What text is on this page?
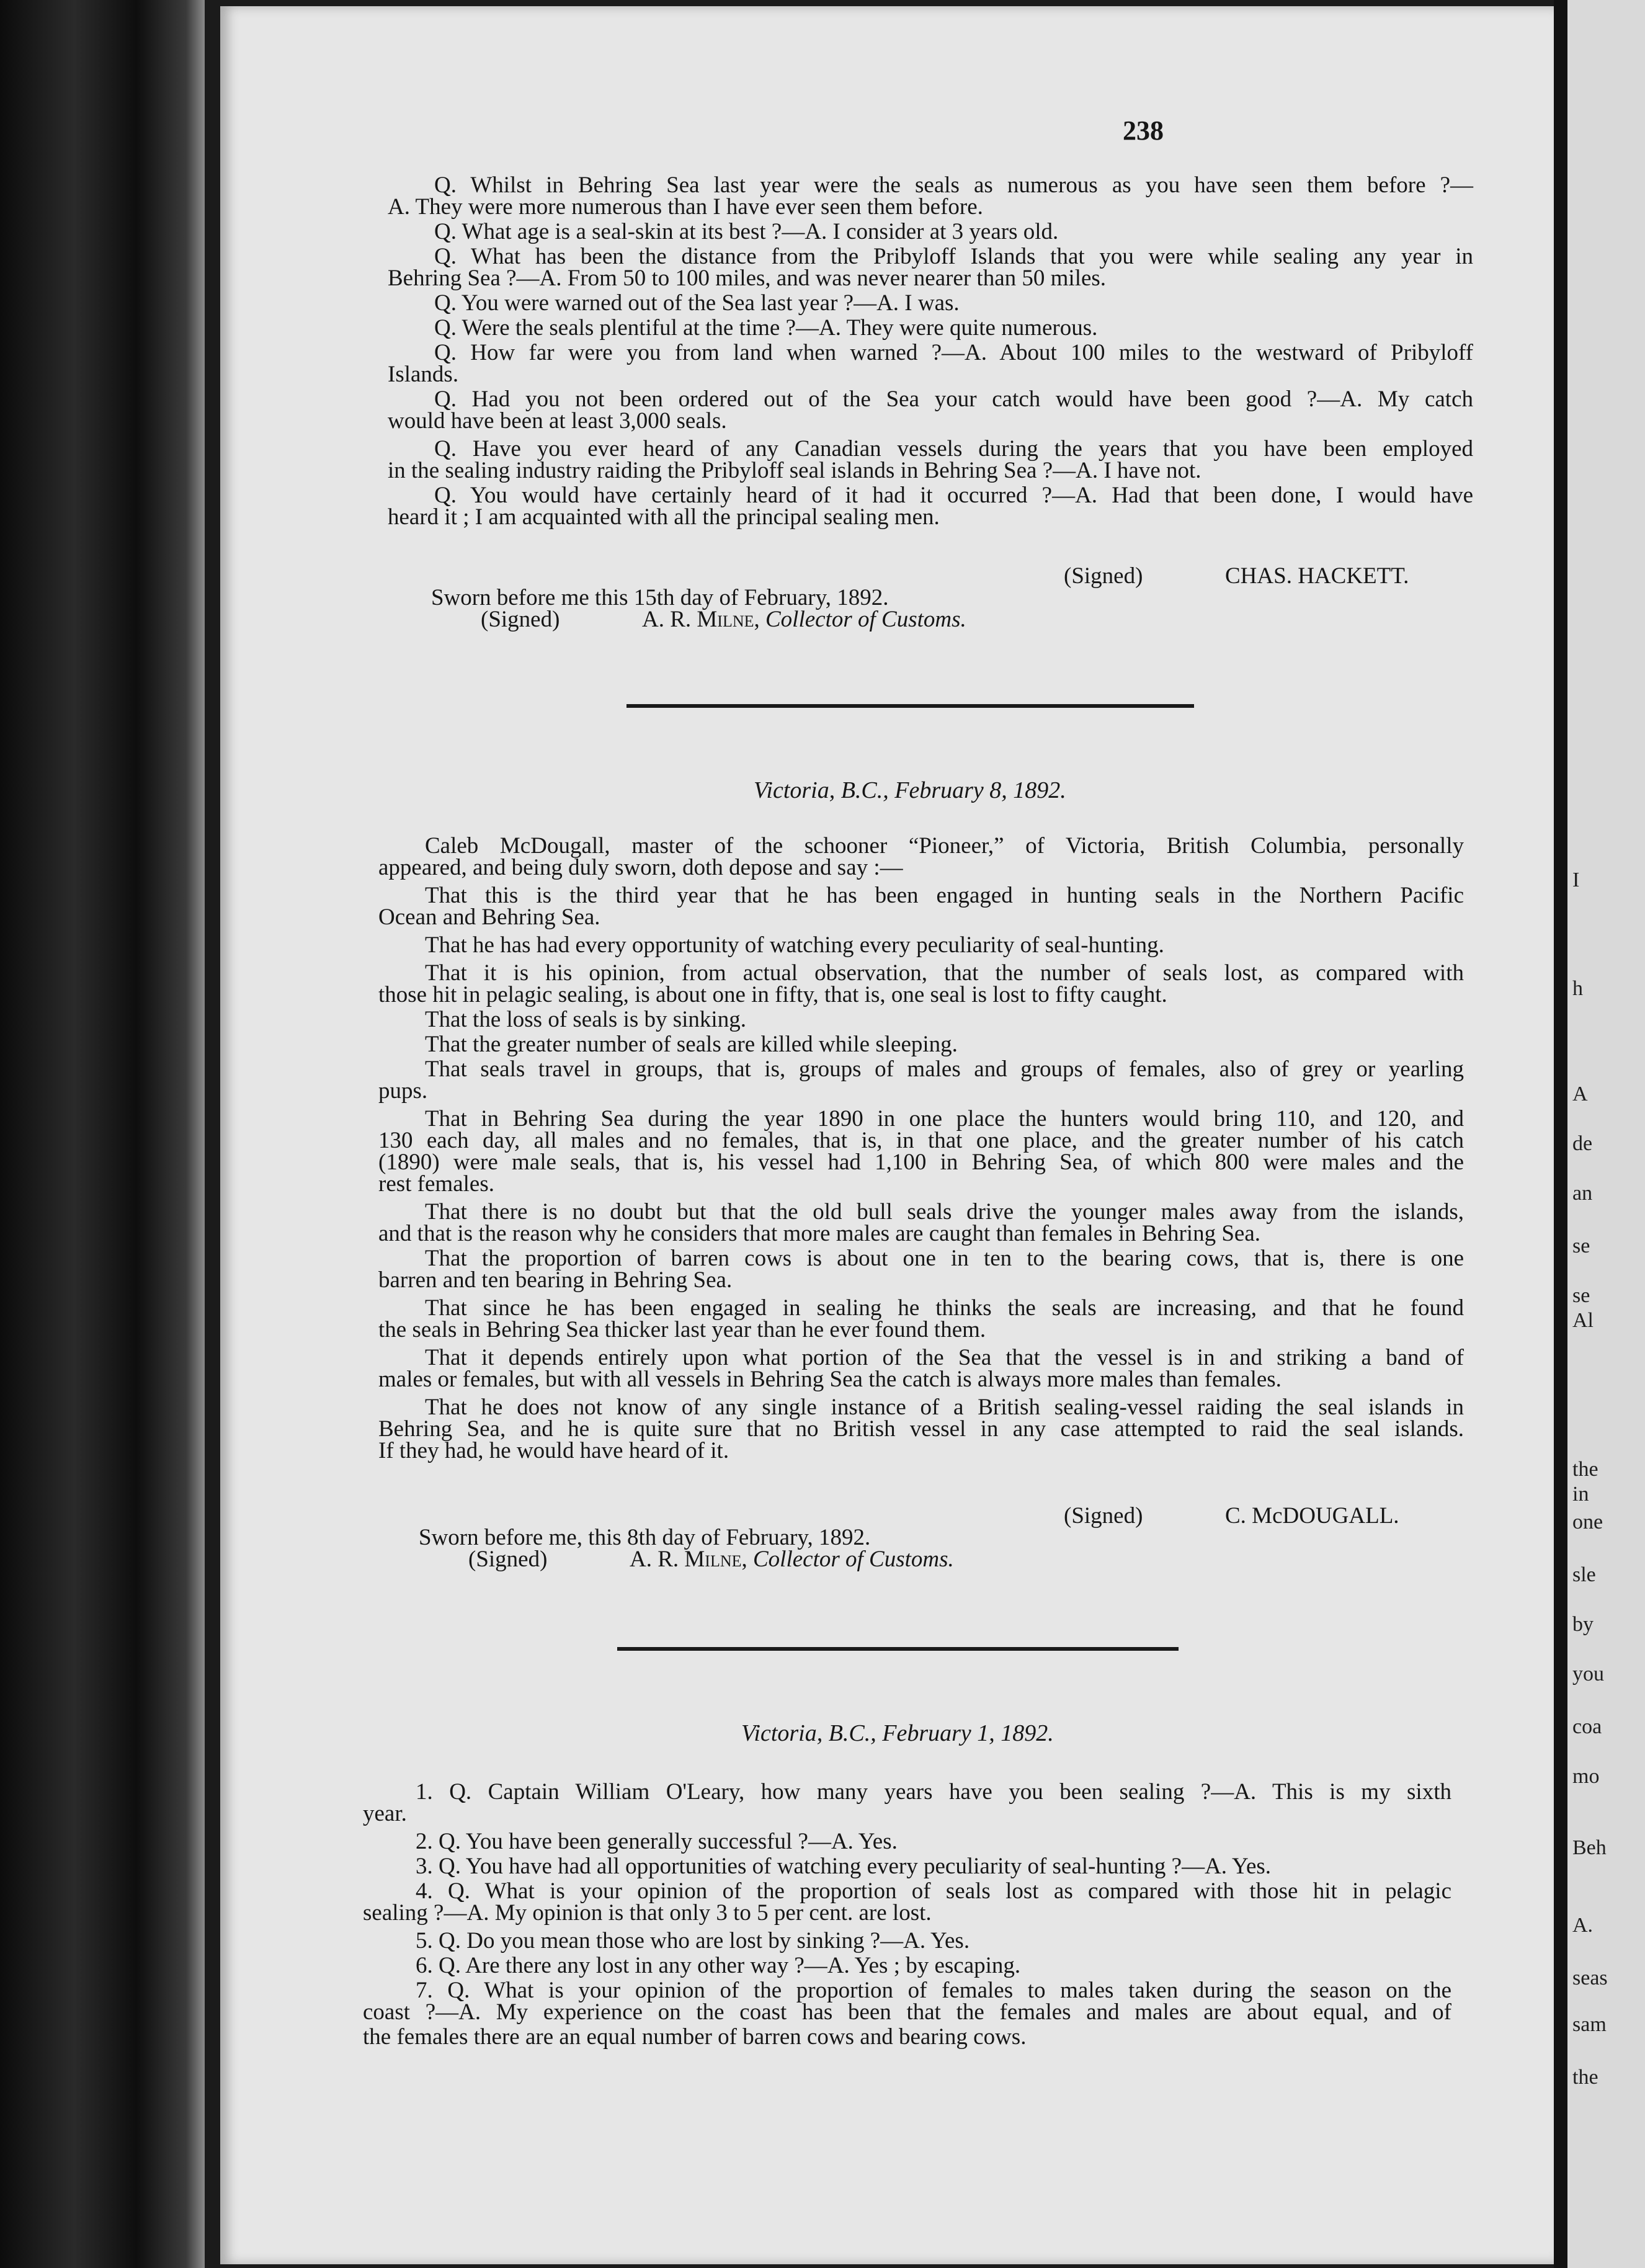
238
(Signed)	CHAS. HACKETT.
Sworn before me this 15th day of February, 1892.
(Signed)	A. R. Milne, Collector of Customs.
Victoria, B.C., February 8, 1892.
(Signed)	C. McDOUGALL.
Sworn before me, this 8th day of February, 1892.
(Signed)	A. R. Milne, Collector of Customs.
Victoria, B.C., February 1, 1892.
Q. Whilst in Behring Sea last year were the seals as numerous as you have seen them before ?—
A. They were more numerous than I have ever seen them before.
Q. What age is a seal-skin at its best ?—A. I consider at 3 years old.
Q. What has been the distance from the Pribyloff Islands that you were while sealing any year in
Behring Sea ?—A. From 50 to 100 miles, and was never nearer than 50 miles.
Q. You were warned out of the Sea last year ?—A. I was.
Q. Were the seals plentiful at the time ?—A. They were quite numerous.
Q. How far were you from land when warned ?—A. About 100 miles to the westward of Pribyloff
Islands.
Q. Had you not been ordered out of the Sea your catch would have been good ?—A. My catch
would have been at least 3,000 seals.
Q. Have you ever heard of any Canadian vessels during the years that you have been employed
in the sealing industry raiding the Pribyloff seal islands in Behring Sea ?—A. I have not.
Q. You would have certainly heard of it had it occurred ?—A. Had that been done, I would have
heard it ; I am acquainted with all the principal sealing men.
Caleb McDougall, master of the schooner “Pioneer,” of Victoria, British Columbia, personally
appeared, and being duly sworn, doth depose and say :—
That this is the third year that he has been engaged in hunting seals in the Northern Pacific
Ocean and Behring Sea.
That he has had every opportunity of watching every peculiarity of seal-hunting.
That it is his opinion, from actual observation, that the number of seals lost, as compared with
those hit in pelagic sealing, is about one in fifty, that is, one seal is lost to fifty caught.
That the loss of seals is by sinking.
That the greater number of seals are killed while sleeping.
That seals travel in groups, that is, groups of males and groups of females, also of grey or yearling
pups.
That in Behring Sea during the year 1890 in one place the hunters would bring 110, and 120, and
130 each day, all males and no females, that is, in that one place, and the greater number of his catch
(1890) were male seals, that is, his vessel had 1,100 in Behring Sea, of which 800 were males and the
rest females.
That there is no doubt but that the old bull seals drive the younger males away from the islands,
and that is the reason why he considers that more males are caught than females in Behring Sea.
That the proportion of barren cows is about one in ten to the bearing cows, that is, there is one
barren and ten bearing in Behring Sea.
That since he has been engaged in sealing he thinks the seals are increasing, and that he found
the seals in Behring Sea thicker last year than he ever found them.
That it depends entirely upon what portion of the Sea that the vessel is in and striking a band of
males or females, but with all vessels in Behring Sea the catch is always more males than females.
That he does not know of any single instance of a British sealing-vessel raiding the seal islands in
Behring Sea, and he is quite sure that no British vessel in any case attempted to raid the seal islands.
If they had, he would have heard of it.
1. Q. Captain William O'Leary, how many years have you been sealing ?—A. This is my sixth
year.
2. Q. You have been generally successful ?—A. Yes.
3. Q. You have had all opportunities of watching every peculiarity of seal-hunting ?—A. Yes.
4. Q. What is your opinion of the proportion of seals lost as compared with those hit in pelagic
sealing ?—A. My opinion is that only 3 to 5 per cent. are lost.
5. Q. Do you mean those who are lost by sinking ?—A. Yes.
6. Q. Are there any lost in any other way ?—A. Yes ; by escaping.
7. Q. What is your opinion of the proportion of females to males taken during the season on the
coast ?—A. My experience on the coast has been that the females and males are about equal, and of
the females there are an equal number of barren cows and bearing cows.
I
h
A
de
an
se
se
Al
the
in
one
sle
by
you
coa
mo
Beh
A.
seas
sam
the
